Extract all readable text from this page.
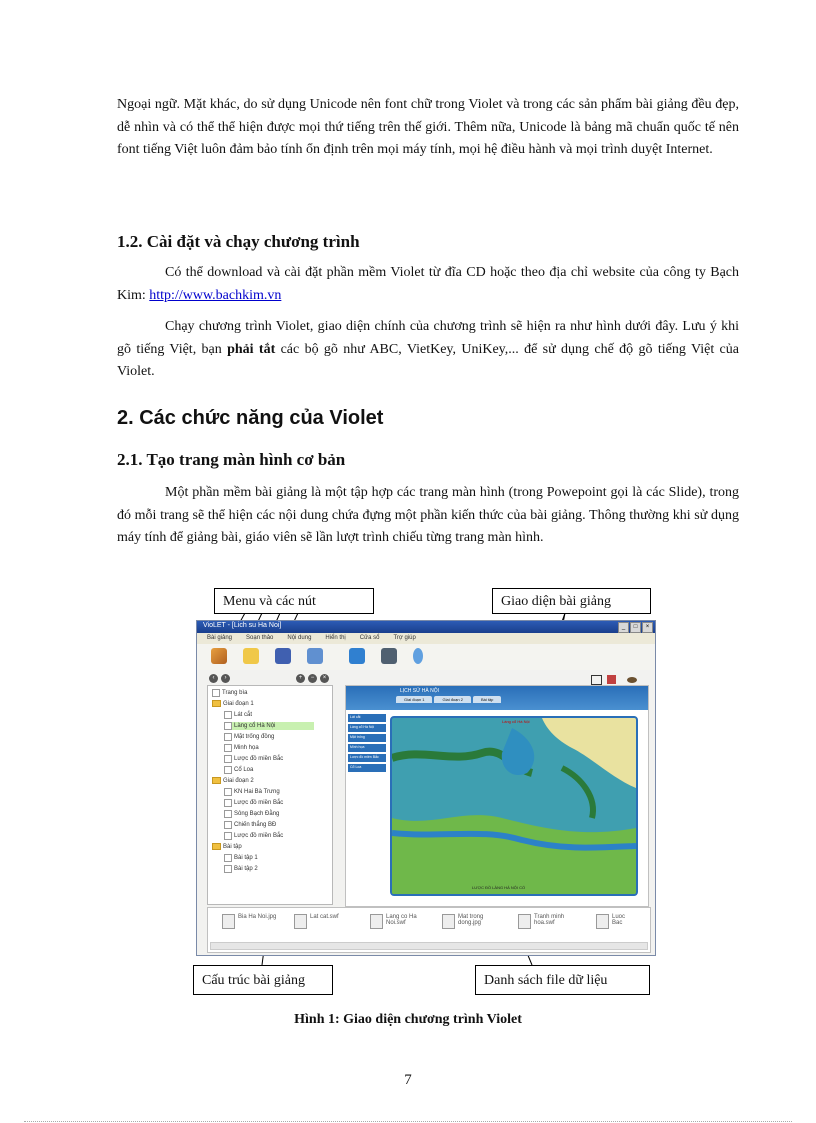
Ngoại ngữ. Mặt khác, do sử dụng Unicode nên font chữ trong Violet và trong các sản phẩm bài giảng đều đẹp, dễ nhìn và có thể thể hiện được mọi thứ tiếng trên thế giới. Thêm nữa, Unicode là bảng mã chuẩn quốc tế nên font tiếng Việt luôn đảm bảo tính ổn định trên mọi máy tính, mọi hệ điều hành và mọi trình duyệt Internet.

1.2. Cài đặt và chạy chương trình

Có thể download và cài đặt phần mềm Violet từ đĩa CD hoặc theo địa chỉ website của công ty Bạch Kim: http://www.bachkim.vn

Chạy chương trình Violet, giao diện chính của chương trình sẽ hiện ra như hình dưới đây. Lưu ý khi gõ tiếng Việt, bạn phải tắt các bộ gõ như ABC, VietKey, UniKey,... để sử dụng chế độ gõ tiếng Việt của Violet.

2. Các chức năng của Violet
2.1. Tạo trang màn hình cơ bản

Một phần mềm bài giảng là một tập hợp các trang màn hình (trong Powepoint gọi là các Slide), trong đó mỗi trang sẽ thể hiện các nội dung chứa đựng một phần kiến thức của bài giảng. Thông thường khi sử dụng máy tính để giảng bài, giáo viên sẽ lần lượt trình chiếu từng trang màn hình.

VioLET - [Lich su Ha Noi]	_	□	×
Bài giảng Soạn thảo Nội dung Hiển thị Cửa sổ Trợ giúp
‹	›	+	−	×
Trang bìa
Giai đoạn 1
Lát cắt
Làng cổ Hà Nội
Mặt trống đồng
Minh họa
Lược đồ miền Bắc
Cổ Loa
Giai đoạn 2
KN Hai Bà Trưng
Lược đồ miền Bắc
Sông Bạch Đằng
Chiến thắng BĐ
Lược đồ miền Bắc
Bài tập
Bài tập 1
Bài tập 2
LỊCH SỬ HÀ NỘI
Giai đoạn 1	Giai đoạn 2	Bài tập
Lát cắt
Làng cổ Hà Nội
Mặt trống
Minh họa
Lược đồ miền Bắc
Cổ Loa
Làng cổ Hà Nội
LƯỢC ĐỒ LÀNG HÀ NỘI CỔ
Bia Ha Noi.jpg	Lat cat.swf	Lang co Ha
Noi.swf
Mat trong
dong.jpg
Tranh minh
hoa.swf
Luoc
Bac
Menu và các nút	Giao diện bài giảng
Cấu trúc bài giảng	Danh sách file dữ liệu
Hình 1: Giao diện chương trình Violet
7
